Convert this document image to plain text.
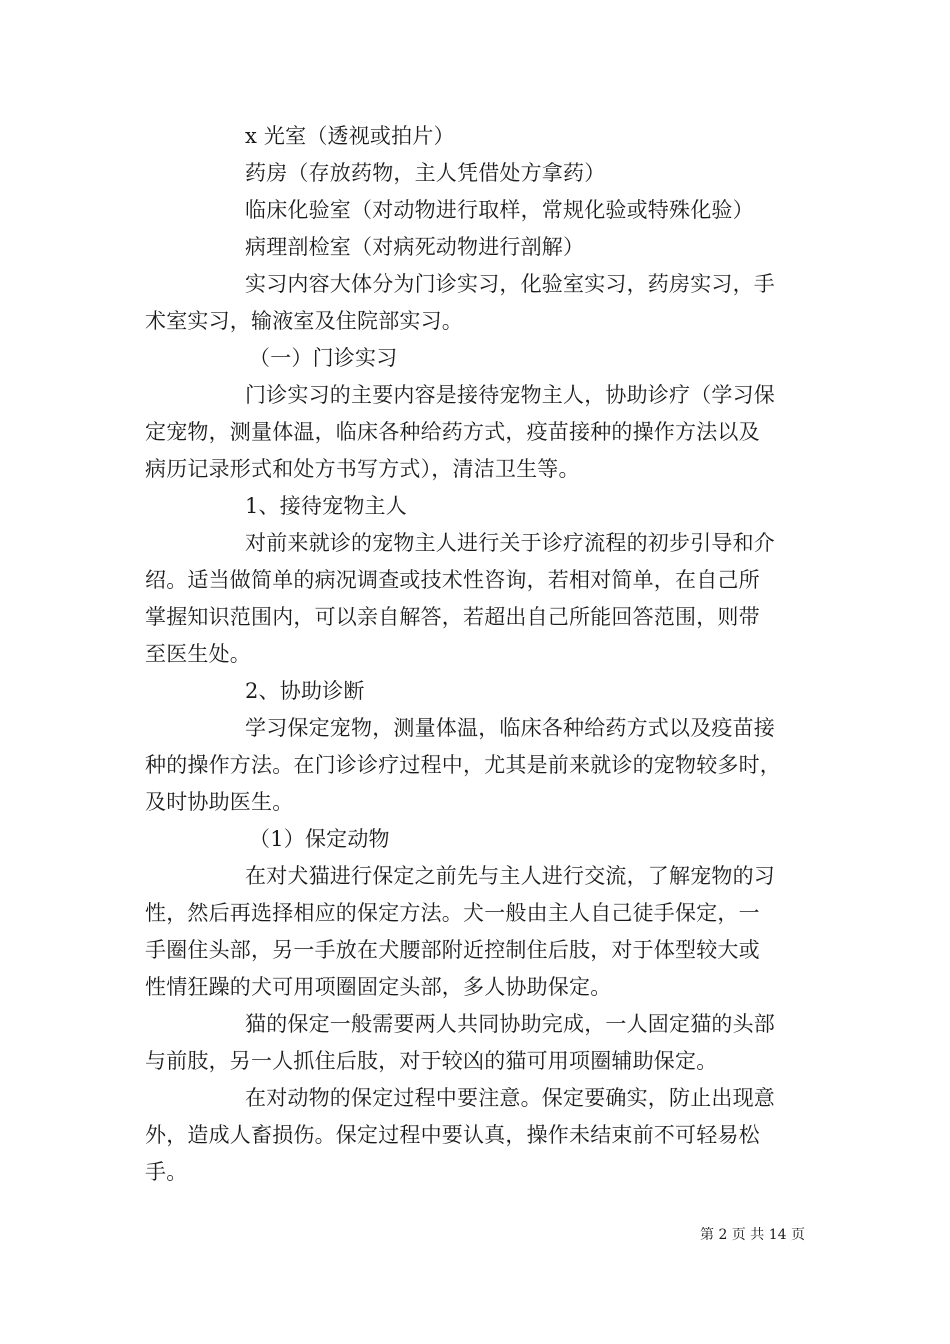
x 光室（透视或拍片）
药房（存放药物，主人凭借处方拿药）
临床化验室（对动物进行取样，常规化验或特殊化验）
病理剖检室（对病死动物进行剖解）
实习内容大体分为门诊实习，化验室实习，药房实习，手
术室实习，输液室及住院部实习。
（一）门诊实习
门诊实习的主要内容是接待宠物主人，协助诊疗（学习保
定宠物，测量体温，临床各种给药方式，疫苗接种的操作方法以及
病历记录形式和处方书写方式），清洁卫生等。
1、接待宠物主人
对前来就诊的宠物主人进行关于诊疗流程的初步引导和介
绍。适当做简单的病况调查或技术性咨询，若相对简单，在自己所
掌握知识范围内，可以亲自解答，若超出自己所能回答范围，则带
至医生处。
2、协助诊断
学习保定宠物，测量体温，临床各种给药方式以及疫苗接
种的操作方法。在门诊诊疗过程中，尤其是前来就诊的宠物较多时，
及时协助医生。
（1）保定动物
在对犬猫进行保定之前先与主人进行交流，了解宠物的习
性，然后再选择相应的保定方法。犬一般由主人自己徒手保定，一
手圈住头部，另一手放在犬腰部附近控制住后肢，对于体型较大或
性情狂躁的犬可用项圈固定头部，多人协助保定。
猫的保定一般需要两人共同协助完成，一人固定猫的头部
与前肢，另一人抓住后肢，对于较凶的猫可用项圈辅助保定。
在对动物的保定过程中要注意。保定要确实，防止出现意
外，造成人畜损伤。保定过程中要认真，操作未结束前不可轻易松
手。
第 2 页 共 14 页
